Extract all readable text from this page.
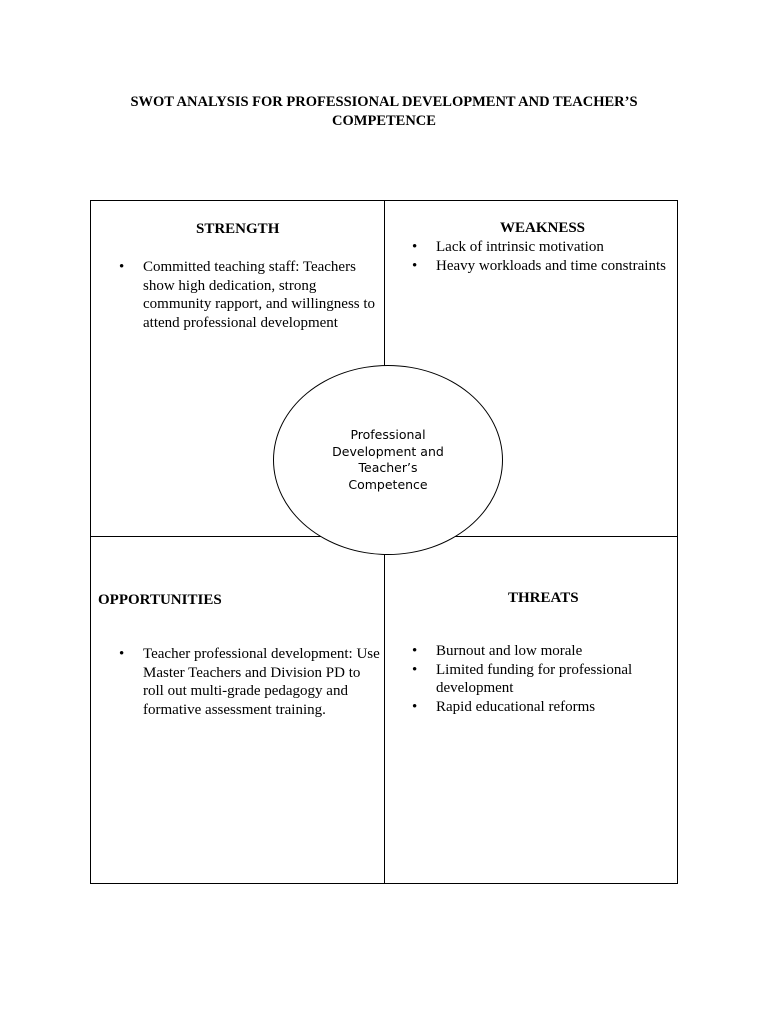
SWOT ANALYSIS FOR PROFESSIONAL DEVELOPMENT AND TEACHER’S COMPETENCE
STRENGTH
• Committed teaching staff: Teachers show high dedication, strong community rapport, and willingness to attend professional development
WEAKNESS
• Lack of intrinsic motivation
• Heavy workloads and time constraints
OPPORTUNITIES
• Teacher professional development: Use Master Teachers and Division PD to roll out multi-grade pedagogy and formative assessment training.
THREATS
• Burnout and low morale
• Limited funding for professional development
• Rapid educational reforms
Professional Development and Teacher’s Competence
